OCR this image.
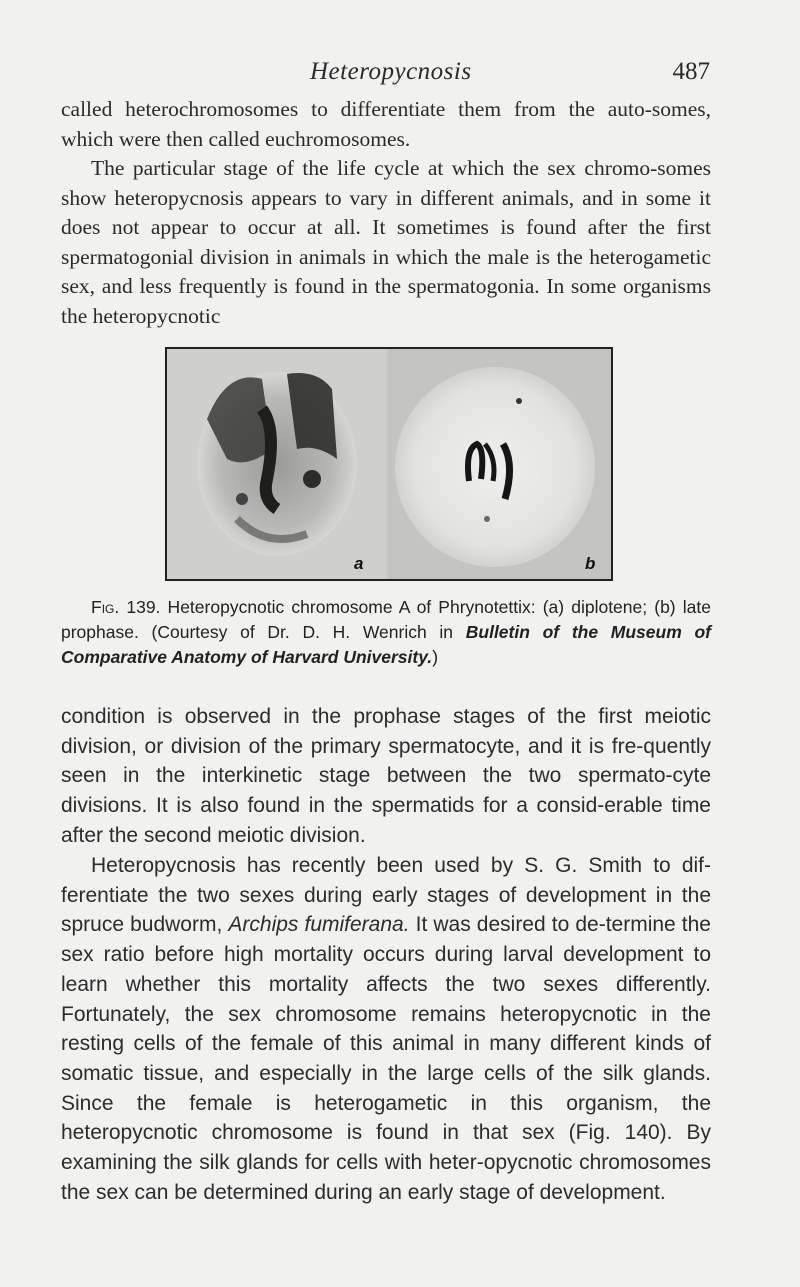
Heteropycnosis	487

called heterochromosomes to differentiate them from the auto-somes, which were then called euchromosomes.

The particular stage of the life cycle at which the sex chromo-somes show heteropycnosis appears to vary in different animals, and in some it does not appear to occur at all. It sometimes is found after the first spermatogonial division in animals in which the male is the heterogametic sex, and less frequently is found in the spermatogonia. In some organisms the heteropycnotic

a	b

Fig. 139. Heteropycnotic chromosome A of Phrynotettix: (a) diplotene; (b) late prophase. (Courtesy of Dr. D. H. Wenrich in Bulletin of the Museum of Comparative Anatomy of Harvard University.)

condition is observed in the prophase stages of the first meiotic division, or division of the primary spermatocyte, and it is fre-quently seen in the interkinetic stage between the two spermato-cyte divisions. It is also found in the spermatids for a consid-erable time after the second meiotic division.

Heteropycnosis has recently been used by S. G. Smith to dif-ferentiate the two sexes during early stages of development in the spruce budworm, Archips fumiferana. It was desired to de-termine the sex ratio before high mortality occurs during larval development to learn whether this mortality affects the two sexes differently. Fortunately, the sex chromosome remains heteropycnotic in the resting cells of the female of this animal in many different kinds of somatic tissue, and especially in the large cells of the silk glands. Since the female is heterogametic in this organism, the heteropycnotic chromosome is found in that sex (Fig. 140). By examining the silk glands for cells with heter-opycnotic chromosomes the sex can be determined during an early stage of development.
